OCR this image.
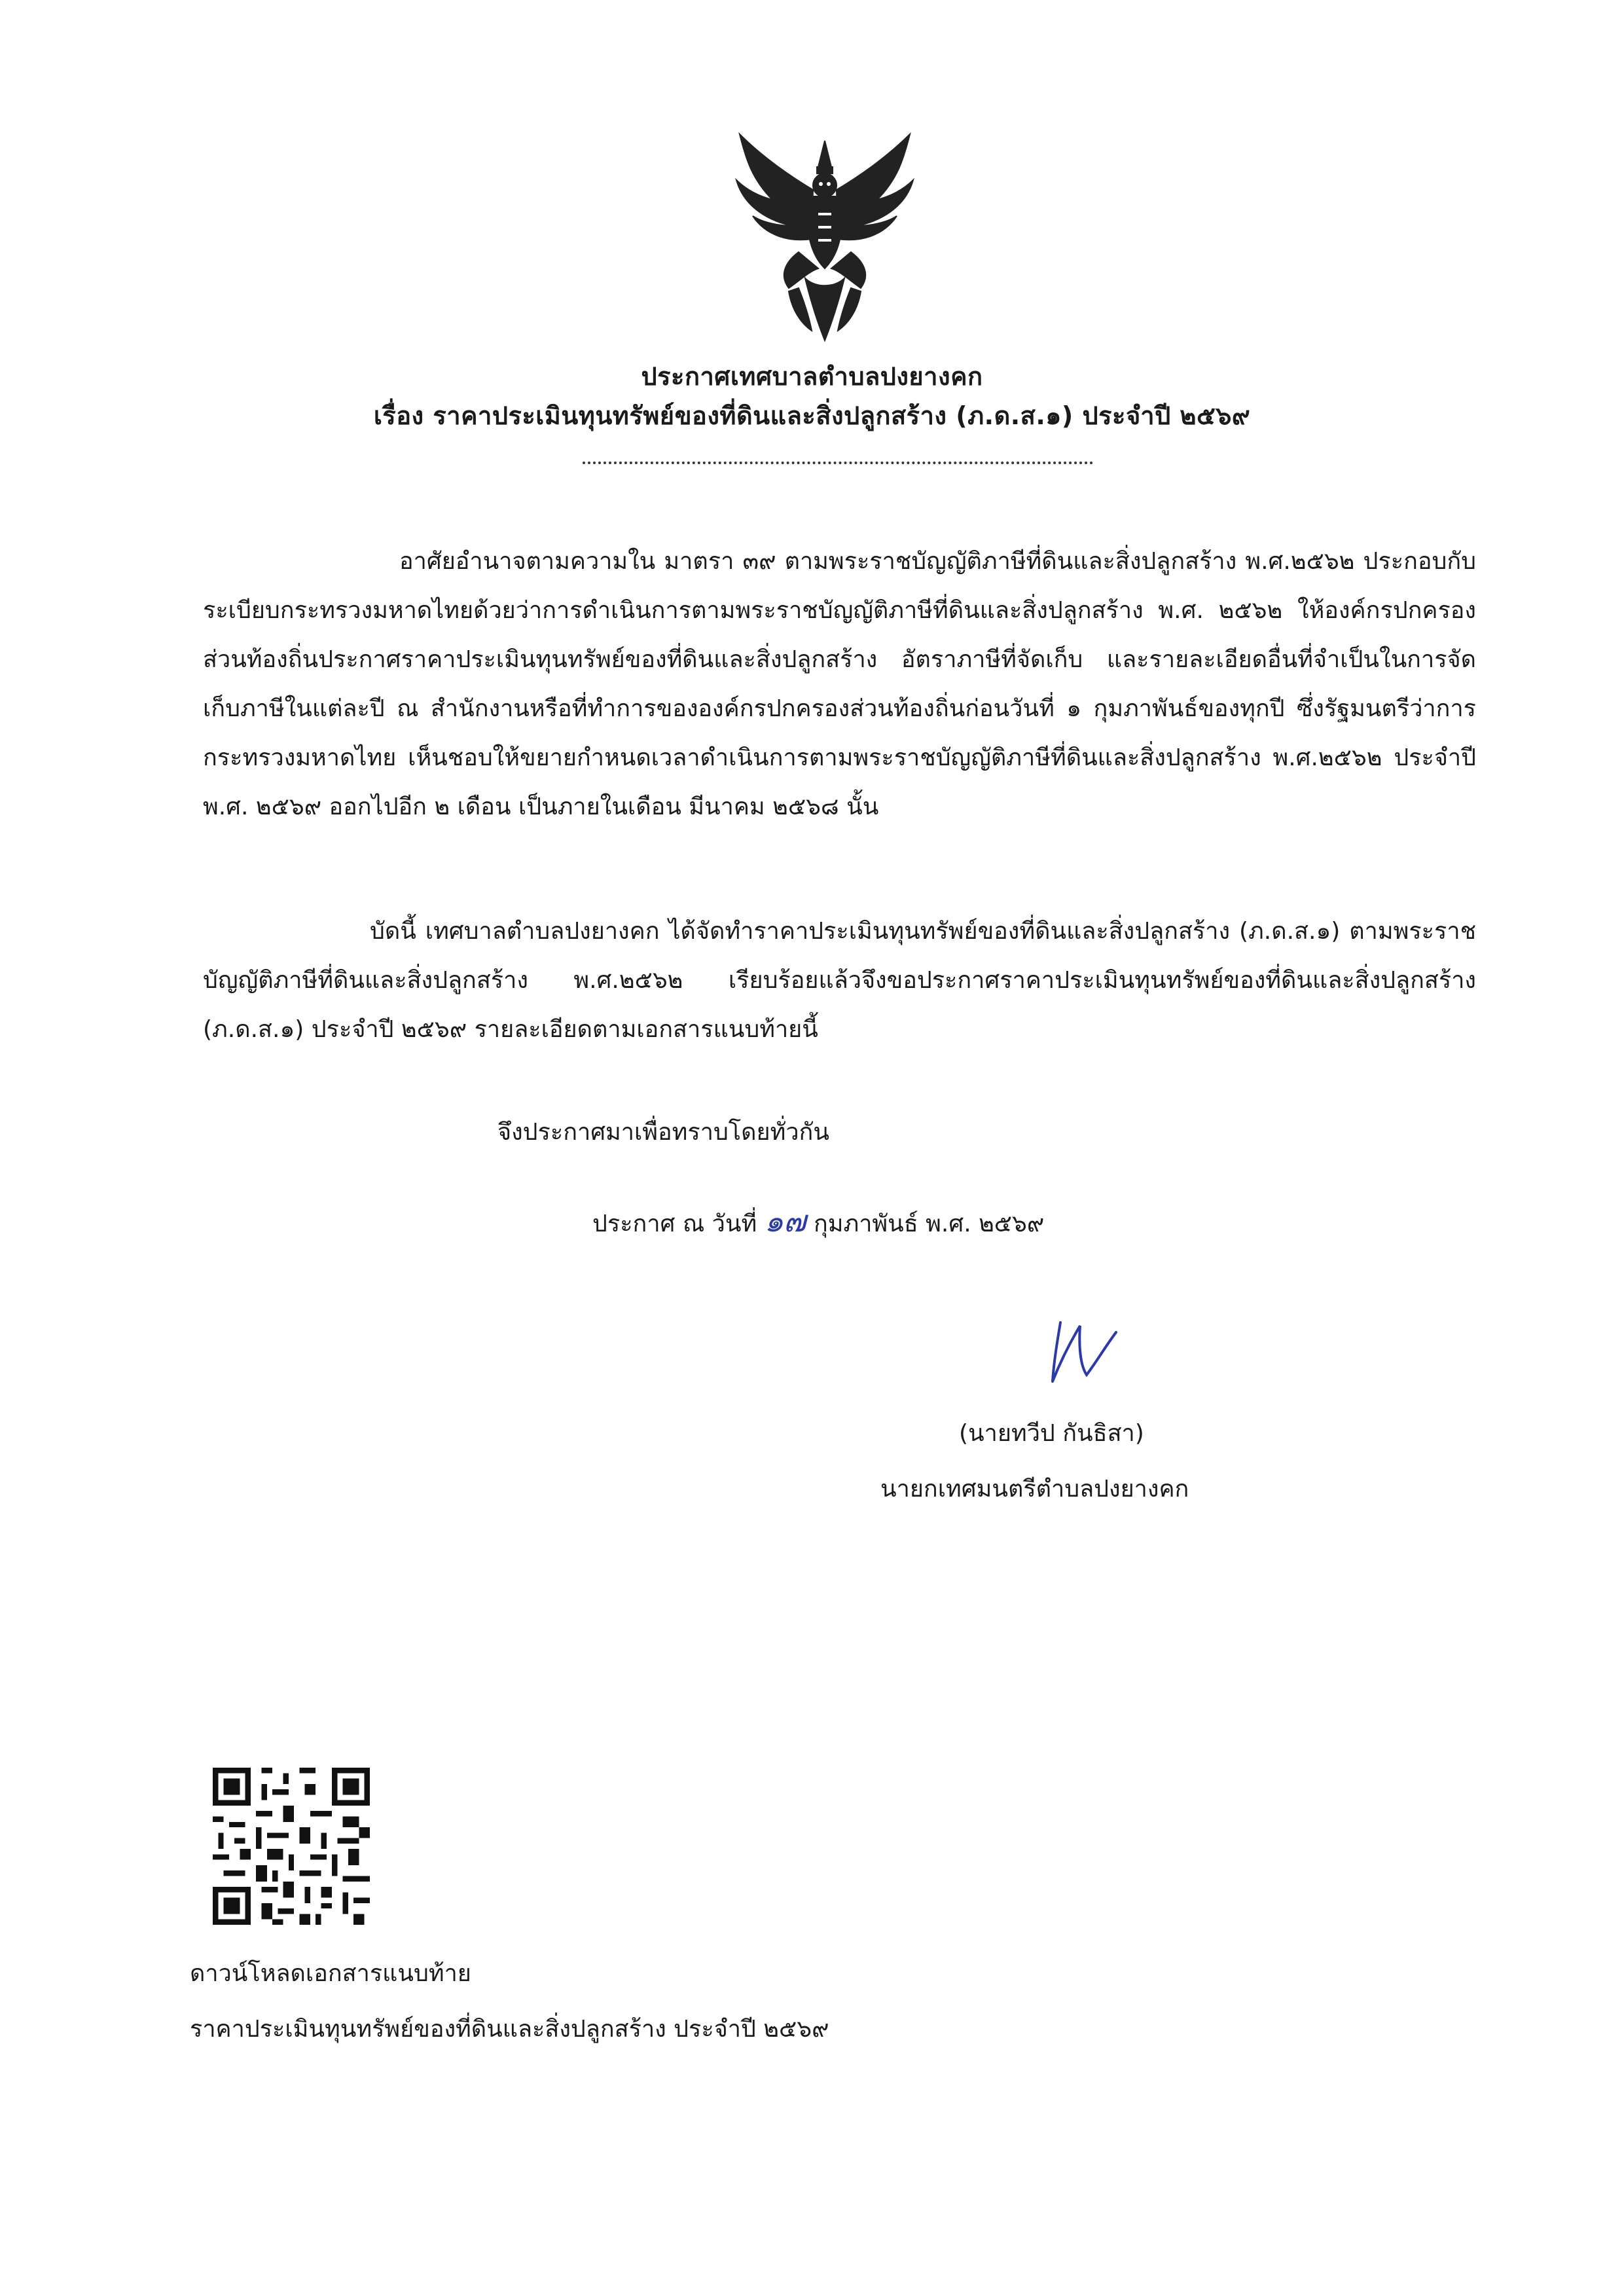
ประกาศเทศบาลตำบลปงยางคก
เรื่อง ราคาประเมินทุนทรัพย์ของที่ดินและสิ่งปลูกสร้าง (ภ.ด.ส.๑) ประจำปี ๒๕๖๙
อาศัยอำนาจตามความใน มาตรา ๓๙ ตามพระราชบัญญัติภาษีที่ดินและสิ่งปลูกสร้าง พ.ศ.๒๕๖๒ ประกอบกับระเบียบกระทรวงมหาดไทยด้วยว่าการดำเนินการตามพระราชบัญญัติภาษีที่ดินและสิ่งปลูกสร้าง พ.ศ. ๒๕๖๒ ให้องค์กรปกครองส่วนท้องถิ่นประกาศราคาประเมินทุนทรัพย์ของที่ดินและสิ่งปลูกสร้าง อัตราภาษีที่จัดเก็บ และรายละเอียดอื่นที่จำเป็นในการจัดเก็บภาษีในแต่ละปี ณ สำนักงานหรือที่ทำการขององค์กรปกครองส่วนท้องถิ่นก่อนวันที่ ๑ กุมภาพันธ์ของทุกปี ซึ่งรัฐมนตรีว่าการกระทรวงมหาดไทย เห็นชอบให้ขยายกำหนดเวลาดำเนินการตามพระราชบัญญัติภาษีที่ดินและสิ่งปลูกสร้าง พ.ศ.๒๕๖๒ ประจำปี พ.ศ. ๒๕๖๙ ออกไปอีก ๒ เดือน เป็นภายในเดือน มีนาคม ๒๕๖๘ นั้น
บัดนี้ เทศบาลตำบลปงยางคก ได้จัดทำราคาประเมินทุนทรัพย์ของที่ดินและสิ่งปลูกสร้าง (ภ.ด.ส.๑) ตามพระราชบัญญัติภาษีที่ดินและสิ่งปลูกสร้าง พ.ศ.๒๕๖๒ เรียบร้อยแล้วจึงขอประกาศราคาประเมินทุนทรัพย์ของที่ดินและสิ่งปลูกสร้าง (ภ.ด.ส.๑) ประจำปี ๒๕๖๙ รายละเอียดตามเอกสารแนบท้ายนี้
จึงประกาศมาเพื่อทราบโดยทั่วกัน
ประกาศ ณ วันที่ ๑๗ กุมภาพันธ์ พ.ศ. ๒๕๖๙
(นายทวีป กันธิสา)
นายกเทศมนตรีตำบลปงยางคก
ดาวน์โหลดเอกสารแนบท้าย
ราคาประเมินทุนทรัพย์ของที่ดินและสิ่งปลูกสร้าง ประจำปี ๒๕๖๙
